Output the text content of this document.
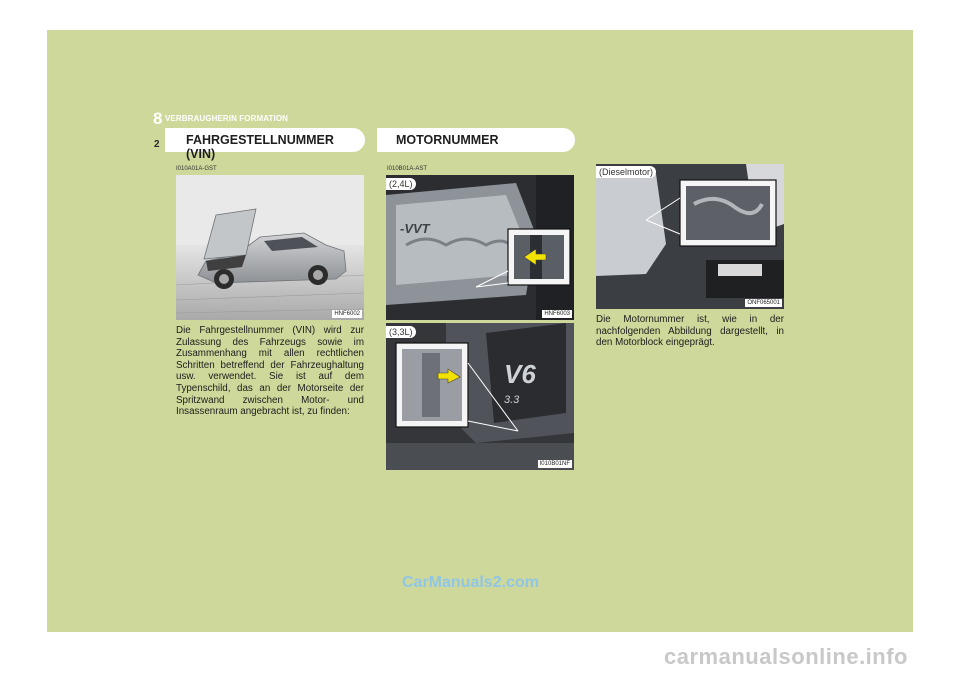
8 VERBRAUGHERIN FORMATION
2 FAHRGESTELLNUMMER
(VIN)
I010A01A-GST
HNF6002
Die Fahrgestellnummer (VIN) wird zur Zulassung des Fahrzeugs sowie im Zusammenhang mit allen rechtlichen Schritten betreffend der Fahrzeughaltung usw. verwendet. Sie ist auf dem Typenschild, das an der Motorseite der Spritzwand zwischen Motor- und Insassenraum angebracht ist, zu finden:
MOTORNUMMER
I010B01A-AST
-VVT
(2,4L)
HNF6003
V6
3.3
(3,3L)
I010B01NF
(Dieselmotor)
ONF065001
Die Motornummer ist, wie in der nachfolgenden Abbildung dargestellt, in den Motorblock eingeprägt.
CarManuals2.com
carmanualsonline.info
